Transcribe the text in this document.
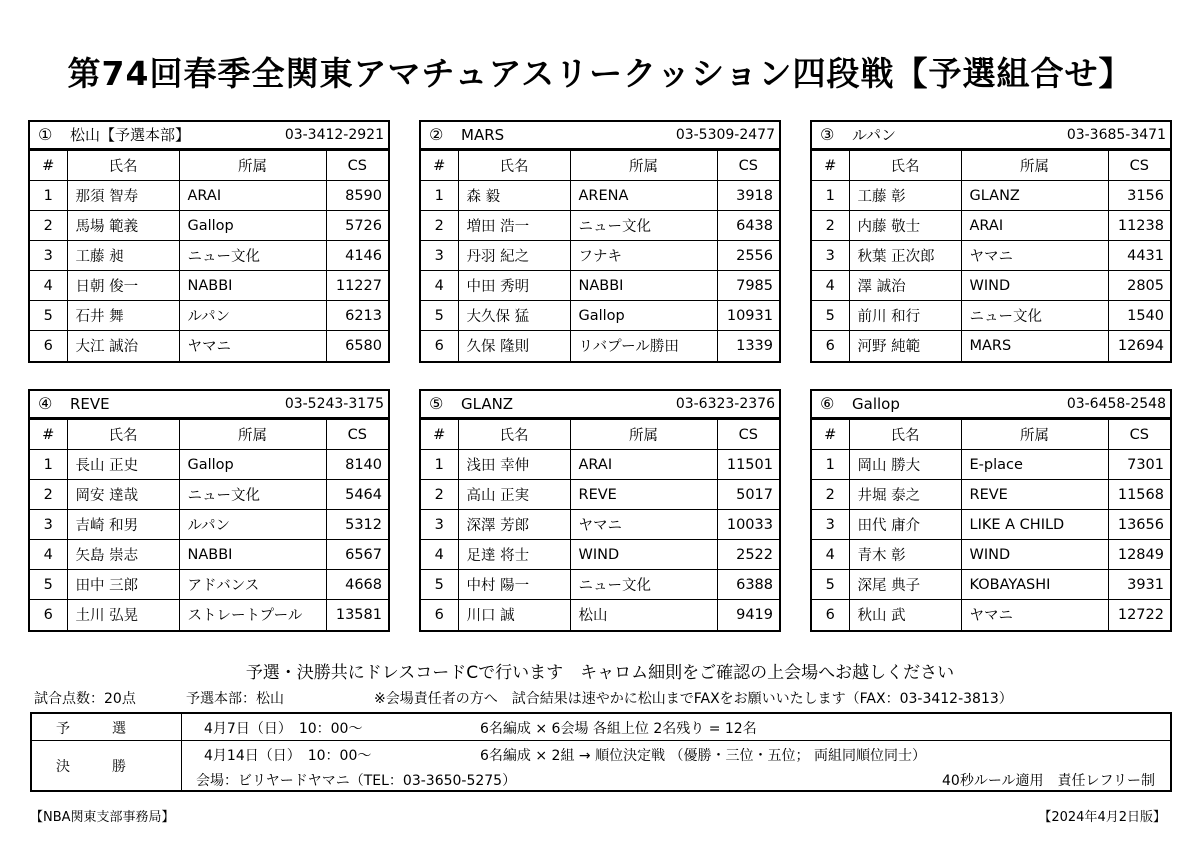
第74回春季全関東アマチュアスリークッション四段戦【予選組合せ】
① 松山【予選本部】	03-3412-2921
#	氏名	所属	CS
1	那須 智寿	ARAI	8590
2	馬場 範義	Gallop	5726
3	工藤 昶	ニュー文化	4146
4	日朝 俊一	NABBI	11227
5	石井 舞	ルパン	6213
6	大江 誠治	ヤマニ	6580
② MARS	03-5309-2477
#	氏名	所属	CS
1	森 毅	ARENA	3918
2	増田 浩一	ニュー文化	6438
3	丹羽 紀之	フナキ	2556
4	中田 秀明	NABBI	7985
5	大久保 猛	Gallop	10931
6	久保 隆則	リバプール勝田	1339
③ ルパン	03-3685-3471
#	氏名	所属	CS
1	工藤 彰	GLANZ	3156
2	内藤 敬士	ARAI	11238
3	秋葉 正次郎	ヤマニ	4431
4	澤 誠治	WIND	2805
5	前川 和行	ニュー文化	1540
6	河野 純範	MARS	12694
④ REVE	03-5243-3175
#	氏名	所属	CS
1	長山 正史	Gallop	8140
2	岡安 達哉	ニュー文化	5464
3	吉崎 和男	ルパン	5312
4	矢島 崇志	NABBI	6567
5	田中 三郎	アドバンス	4668
6	土川 弘晃	ストレートプール	13581
⑤ GLANZ	03-6323-2376
#	氏名	所属	CS
1	浅田 幸伸	ARAI	11501
2	高山 正実	REVE	5017
3	深澤 芳郎	ヤマニ	10033
4	足達 将士	WIND	2522
5	中村 陽一	ニュー文化	6388
6	川口 誠	松山	9419
⑥ Gallop	03-6458-2548
#	氏名	所属	CS
1	岡山 勝大	E-place	7301
2	井堀 泰之	REVE	11568
3	田代 庸介	LIKE A CHILD	13656
4	青木 彰	WIND	12849
5	深尾 典子	KOBAYASHI	3931
6	秋山 武	ヤマニ	12722
予選・決勝共にドレスコードCで行います　キャロム細則をご確認の上会場へお越しください
試合点数：20点	予選本部：松山	※会場責任者の方へ　試合結果は速やかに松山までFAXをお願いいたします（FAX：03-3412-3813）
予　　　選	4月7日（日）　10：00～	6名編成 × 6会場 各組上位 2名残り = 12名
決　　　勝
4月14日（日）　10：00～	6名編成 × 2組 → 順位決定戦 （優勝・三位・五位； 両組同順位同士）
会場：ビリヤードヤマニ（TEL：03-3650-5275）	40秒ルール適用　責任レフリー制
【NBA関東支部事務局】	【2024年4月2日版】
